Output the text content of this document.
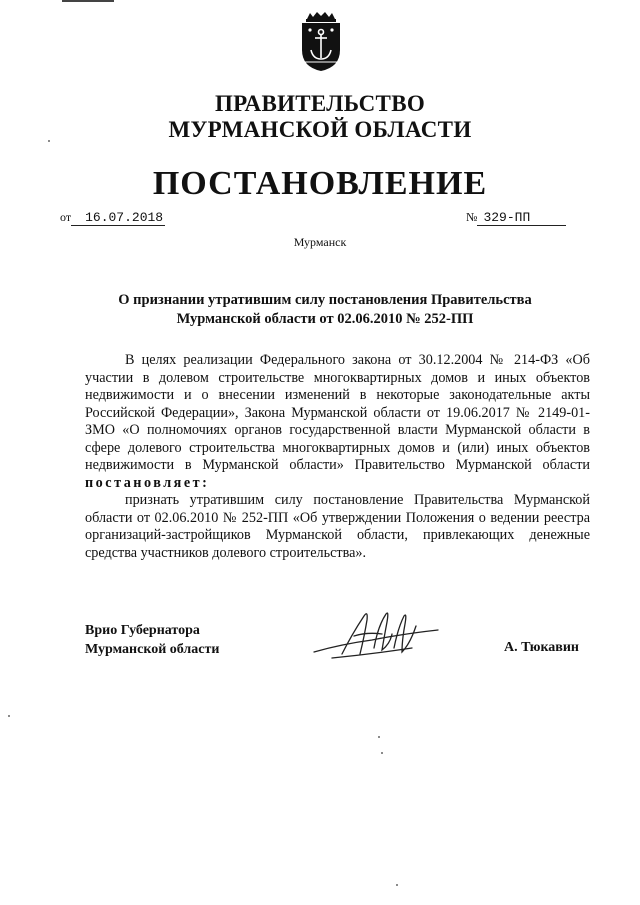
ПРАВИТЕЛЬСТВО
МУРМАНСКОЙ ОБЛАСТИ
ПОСТАНОВЛЕНИЕ
от 16.07.2018	№ 329-ПП
Мурманск
О признании утратившим силу постановления Правительства
Мурманской области от 02.06.2010 № 252-ПП

В целях реализации Федерального закона от 30.12.2004 № 214-ФЗ «Об участии в долевом строительстве многоквартирных домов и иных объектов недвижимости и о внесении изменений в некоторые законодательные акты Российской Федерации», Закона Мурманской области от 19.06.2017 № 2149-01-ЗМО «О полномочиях органов государственной власти Мурманской области в сфере долевого строительства многоквартирных домов и (или) иных объектов недвижимости в Мурманской области» Правительство Мурманской области постановляет:

признать утратившим силу постановление Правительства Мурманской области от 02.06.2010 № 252-ПП «Об утверждении Положения о ведении реестра организаций-застройщиков Мурманской области, привлекающих денежные средства участников долевого строительства».

Врио Губернатора
Мурманской области	А. Тюкавин
